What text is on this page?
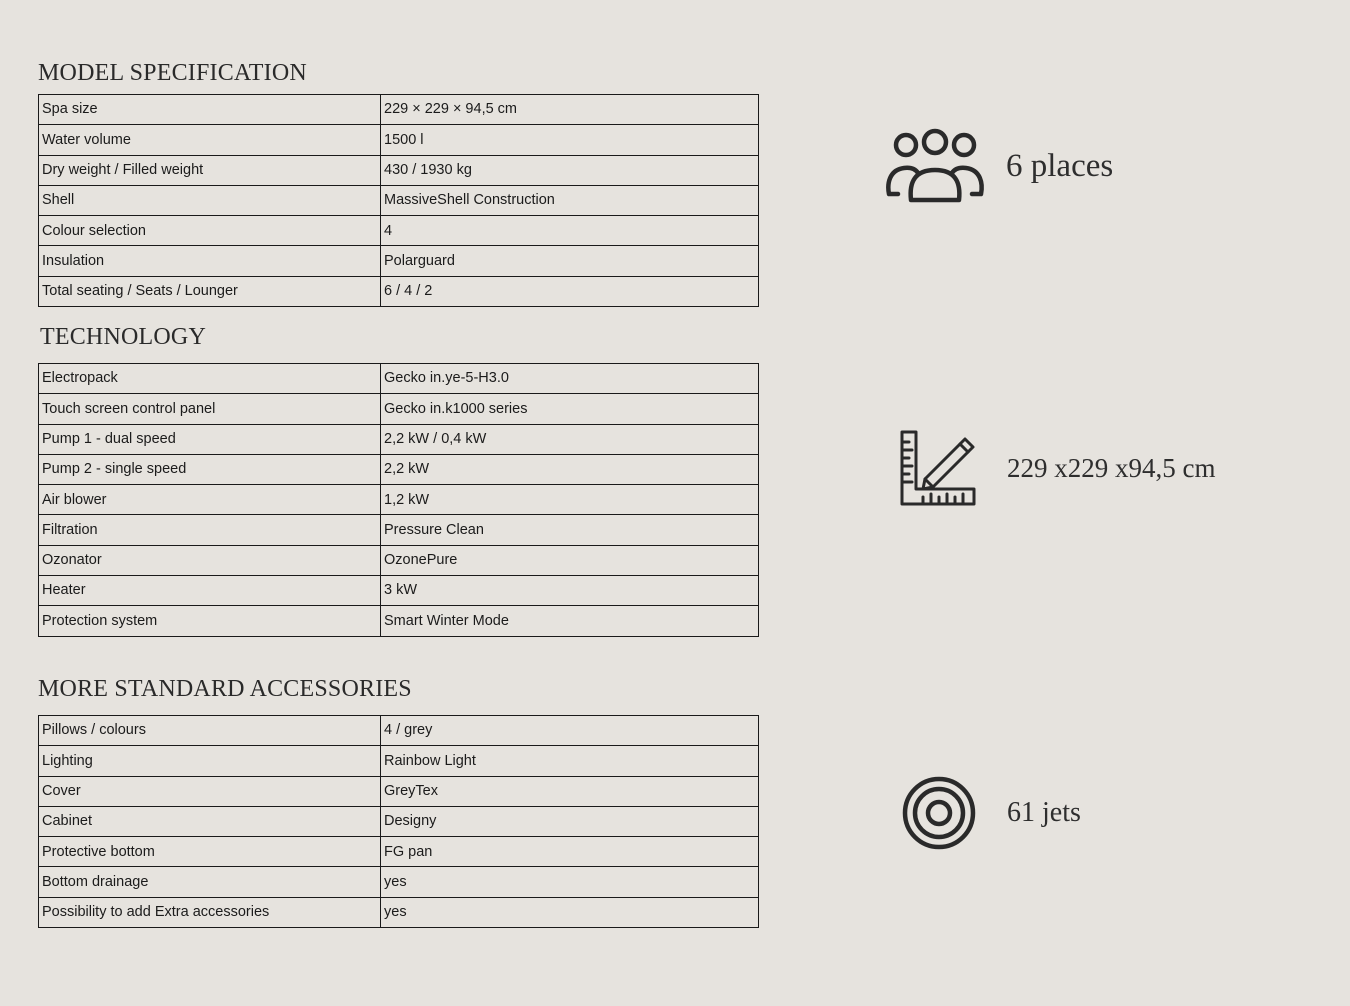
MODEL SPECIFICATION
Spa size	229 × 229 × 94,5 cm
Water volume	1500 l
Dry weight / Filled weight	430 / 1930 kg
Shell	MassiveShell Construction
Colour selection	4
Insulation	Polarguard
Total seating / Seats / Lounger	6 / 4 / 2
TECHNOLOGY
Electropack	Gecko in.ye-5-H3.0
Touch screen control panel	Gecko in.k1000 series
Pump 1 - dual speed	2,2 kW / 0,4 kW
Pump 2 - single speed	2,2 kW
Air blower	1,2 kW
Filtration	Pressure Clean
Ozonator	OzonePure
Heater	3 kW
Protection system	Smart Winter Mode
MORE STANDARD ACCESSORIES
Pillows / colours	4 / grey
Lighting	Rainbow Light
Cover	GreyTex
Cabinet	Designy
Protective bottom	FG pan
Bottom drainage	yes
Possibility to add Extra accessories	yes
6 places
229 x229 x94,5 cm
61 jets
